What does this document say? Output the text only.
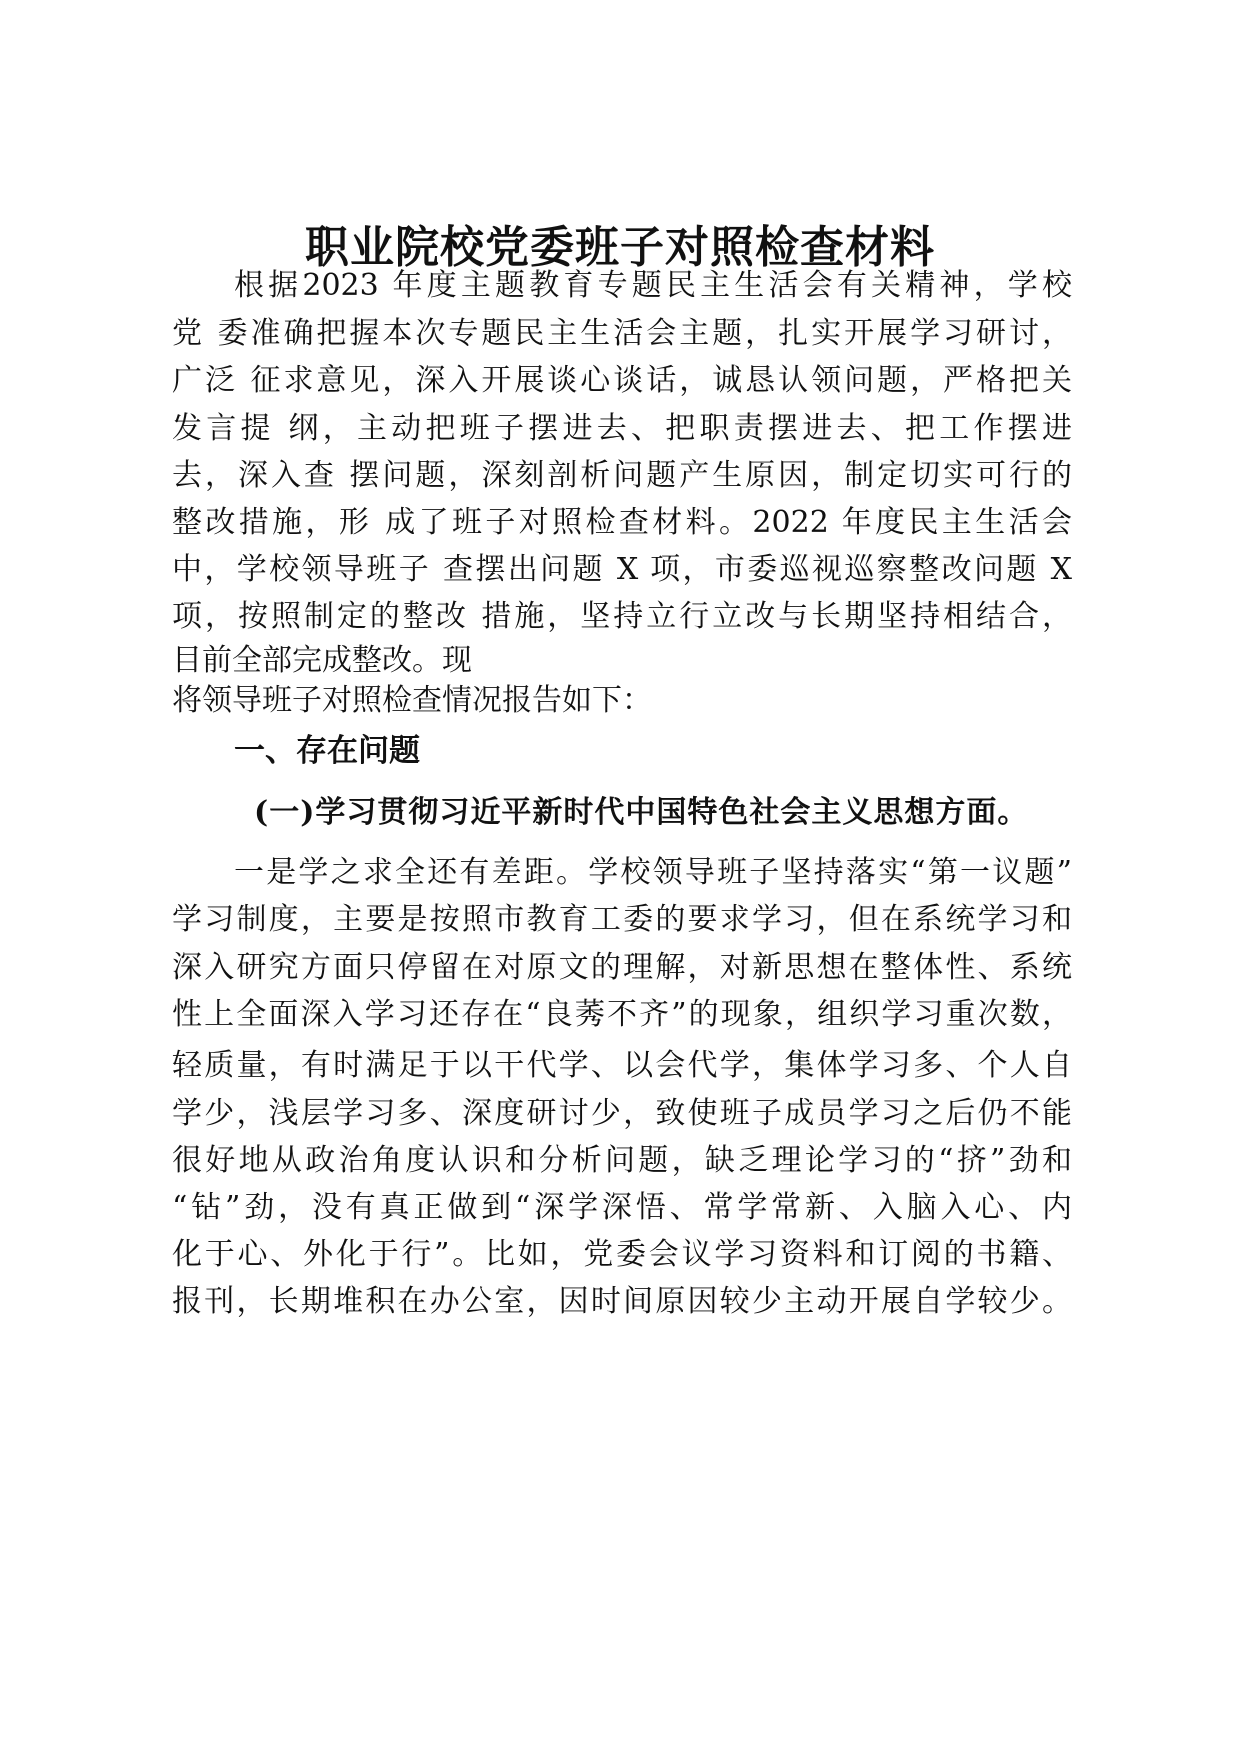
职业院校党委班子对照检查材料
根据2023 年度主题教育专题民主生活会有关精神，学校
党 委准确把握本次专题民主生活会主题，扎实开展学习研讨，
广泛 征求意见，深入开展谈心谈话，诚恳认领问题，严格把关
发言提 纲，主动把班子摆进去、把职责摆进去、把工作摆进
去，深入查 摆问题，深刻剖析问题产生原因，制定切实可行的
整改措施，形 成了班子对照检查材料。2022 年度民主生活会
中，学校领导班子 查摆出问题 X 项，市委巡视巡察整改问题 X
项，按照制定的整改 措施，坚持立行立改与长期坚持相结合，
目前全部完成整改。现
将领导班子对照检查情况报告如下：
一、存在问题
(一)学习贯彻习近平新时代中国特色社会主义思想方面。
一是学之求全还有差距。学校领导班子坚持落实“第一议题”
学习制度，主要是按照市教育工委的要求学习，但在系统学习和
深入研究方面只停留在对原文的理解，对新思想在整体性、系统
性上全面深入学习还存在“良莠不齐”的现象，组织学习重次数，
轻质量，有时满足于以干代学、以会代学，集体学习多、个人自
学少，浅层学习多、深度研讨少，致使班子成员学习之后仍不能
很好地从政治角度认识和分析问题，缺乏理论学习的“挤”劲和
“钻”劲，没有真正做到“深学深悟、常学常新、入脑入心、内
化于心、外化于行”。比如，党委会议学习资料和订阅的书籍、
报刊，长期堆积在办公室，因时间原因较少主动开展自学较少。
